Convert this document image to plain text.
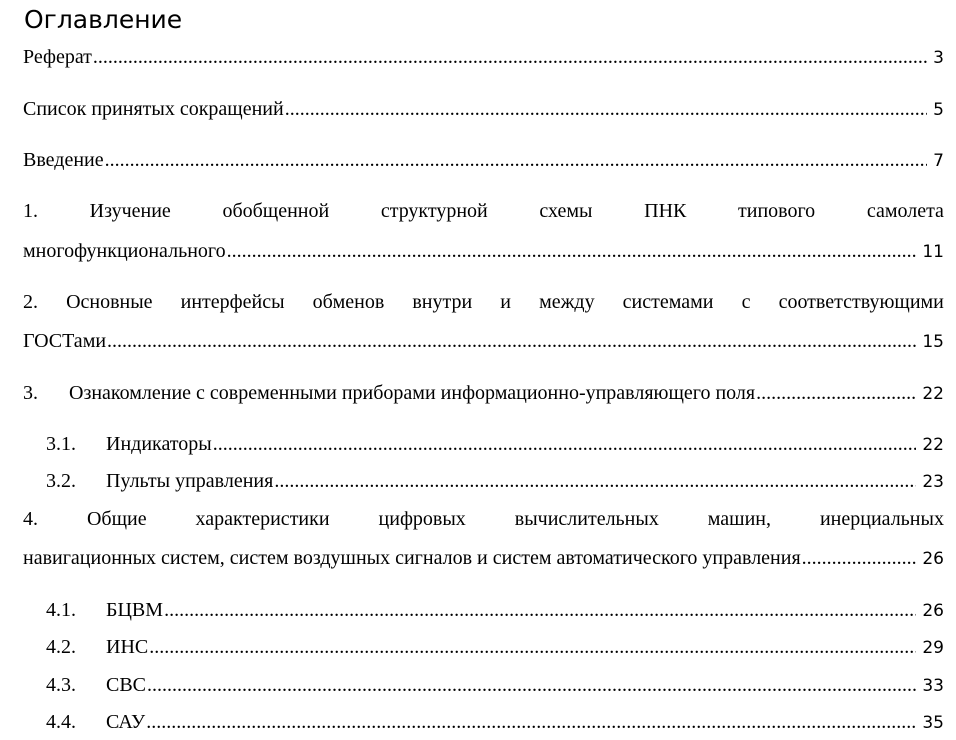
Оглавление
Реферат .....	3
Список принятых сокращений .....	5
Введение .....	7
1.	Изучение	обобщенной	структурной	схемы	ПНК	типового	самолета
многофункционального .....	11
2. Основные интерфейсы обменов внутри и между системами с соответствующими
ГОСТами .....	15
3.	Ознакомление с современными приборами информационно-управляющего поля .....	22
3.1.	Индикаторы .....	22
3.2.	Пульты управления .....	23
4. Общие характеристики цифровых вычислительных машин, инерциальных
навигационных систем, систем воздушных сигналов и систем автоматического управления .....	26
4.1.	БЦВМ .....	26
4.2.	ИНС .....	29
4.3.	СВС .....	33
4.4.	САУ .....	35
